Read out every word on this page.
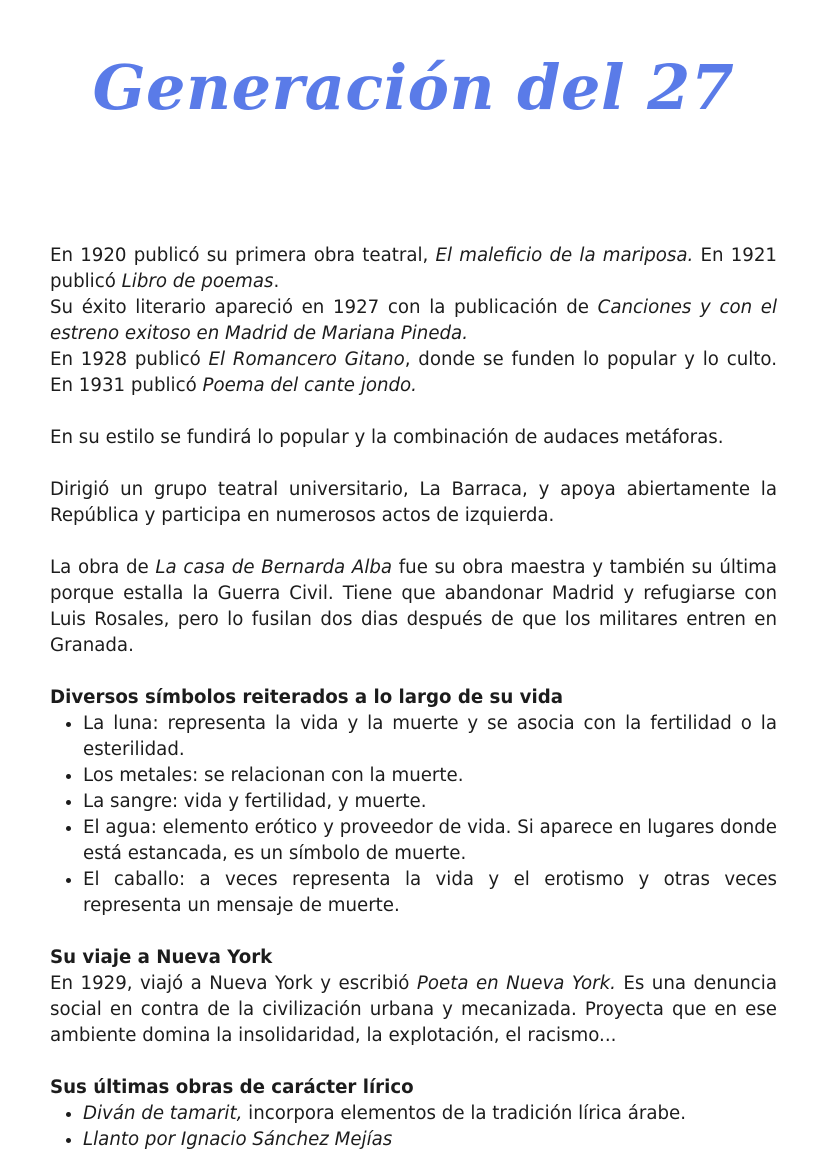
Generación del 27

En 1920 publicó su primera obra teatral, El maleficio de la mariposa. En 1921 publicó Libro de poemas.

Su éxito literario apareció en 1927 con la publicación de Canciones y con el estreno exitoso en Madrid de Mariana Pineda.

En 1928 publicó El Romancero Gitano, donde se funden lo popular y lo culto. En 1931 publicó Poema del cante jondo.

En su estilo se fundirá lo popular y la combinación de audaces metáforas.

Dirigió un grupo teatral universitario, La Barraca, y apoya abiertamente la República y participa en numerosos actos de izquierda.

La obra de La casa de Bernarda Alba fue su obra maestra y también su última porque estalla la Guerra Civil. Tiene que abandonar Madrid y refugiarse con Luis Rosales, pero lo fusilan dos dias después de que los militares entren en Granada.

Diversos símbolos reiterados a lo largo de su vida
• La luna: representa la vida y la muerte y se asocia con la fertilidad o la esterilidad.
• Los metales: se relacionan con la muerte.
• La sangre: vida y fertilidad, y muerte.
• El agua: elemento erótico y proveedor de vida. Si aparece en lugares donde está estancada, es un símbolo de muerte.
• El caballo: a veces representa la vida y el erotismo y otras veces representa un mensaje de muerte.
Su viaje a Nueva York

En 1929, viajó a Nueva York y escribió Poeta en Nueva York. Es una denuncia social en contra de la civilización urbana y mecanizada. Proyecta que en ese ambiente domina la insolidaridad, la explotación, el racismo...

Sus últimas obras de carácter lírico
• Diván de tamarit, incorpora elementos de la tradición lírica árabe.
• Llanto por Ignacio Sánchez Mejías
